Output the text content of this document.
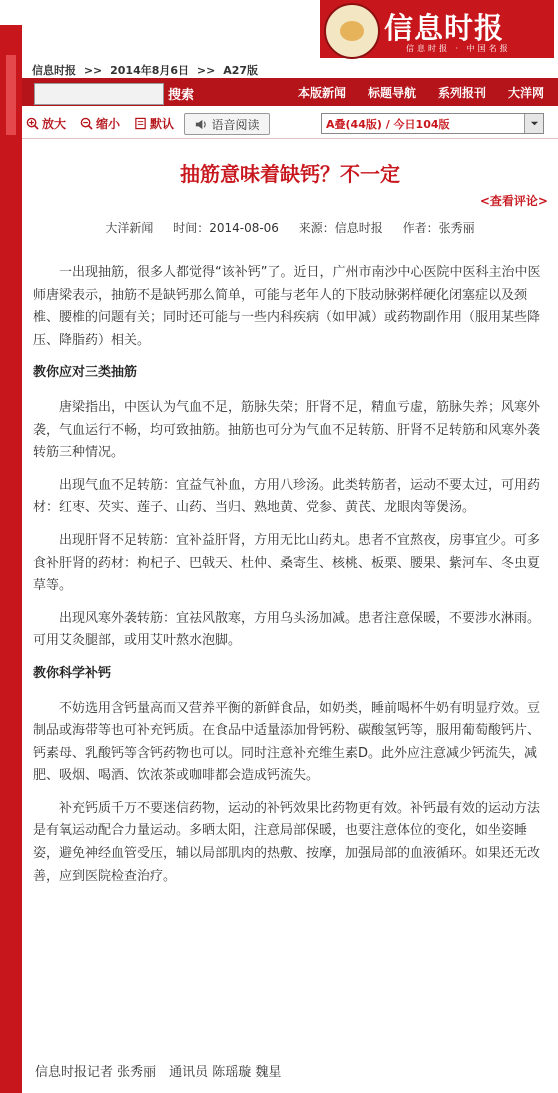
信息时报
信息时报 · 中国名报
信息时报 >> 2014年8月6日 >> A27版
搜索	本版新闻 标题导航 系列报刊 大洋网
放大 缩小 默认	语音阅读	A叠(44版) / 今日104版
抽筋意味着缺钙？不一定
<查看评论>
大洋新闻 时间：2014-08-06 来源：信息时报 作者：张秀丽

一出现抽筋，很多人都觉得“该补钙”了。近日，广州市南沙中心医院中医科主治中医师唐梁表示，抽筋不是缺钙那么简单，可能与老年人的下肢动脉粥样硬化闭塞症以及颈椎、腰椎的问题有关；同时还可能与一些内科疾病（如甲减）或药物副作用（服用某些降压、降脂药）相关。

教你应对三类抽筋

唐梁指出，中医认为气血不足，筋脉失荣；肝肾不足，精血亏虚，筋脉失养；风寒外袭，气血运行不畅，均可致抽筋。抽筋也可分为气血不足转筋、肝肾不足转筋和风寒外袭转筋三种情况。

出现气血不足转筋：宜益气补血，方用八珍汤。此类转筋者，运动不要太过，可用药材：红枣、芡实、莲子、山药、当归、熟地黄、党参、黄芪、龙眼肉等煲汤。

出现肝肾不足转筋：宜补益肝肾，方用无比山药丸。患者不宜熬夜，房事宜少。可多食补肝肾的药材：枸杞子、巴戟天、杜仲、桑寄生、核桃、板栗、腰果、紫河车、冬虫夏草等。

出现风寒外袭转筋：宜祛风散寒，方用乌头汤加减。患者注意保暖，不要涉水淋雨。可用艾灸腿部，或用艾叶熬水泡脚。

教你科学补钙

不妨选用含钙量高而又营养平衡的新鲜食品，如奶类，睡前喝杯牛奶有明显疗效。豆制品或海带等也可补充钙质。在食品中适量添加骨钙粉、碳酸氢钙等，服用葡萄酸钙片、钙素母、乳酸钙等含钙药物也可以。同时注意补充维生素D。此外应注意减少钙流失，减肥、吸烟、喝酒、饮浓茶或咖啡都会造成钙流失。

补充钙质千万不要迷信药物，运动的补钙效果比药物更有效。补钙最有效的运动方法是有氧运动配合力量运动。多晒太阳，注意局部保暖，也要注意体位的变化，如坐姿睡姿，避免神经血管受压，辅以局部肌肉的热敷、按摩，加强局部的血液循环。如果还无改善，应到医院检查治疗。

信息时报记者 张秀丽　通讯员 陈瑶璇 魏星
